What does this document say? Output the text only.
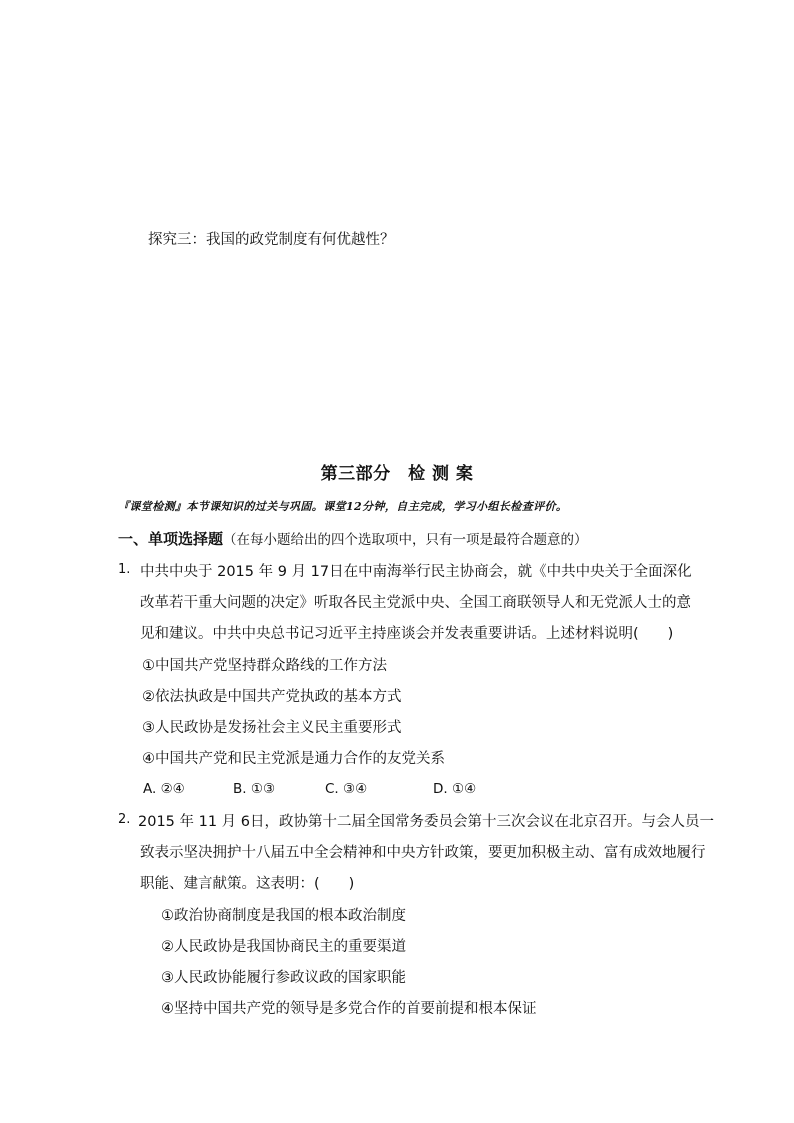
探究三：我国的政党制度有何优越性？

第三部分　检 测 案

『课堂检测』本节课知识的过关与巩固。课堂12分钟，自主完成，学习小组长检查评价。

一、单项选择题（在每小题给出的四个选取项中，只有一项是最符合题意的）

1. 中共中央于 2015 年 9 月 17日在中南海举行民主协商会，就《中共中央关于全面深化
改革若干重大问题的决定》听取各民主党派中央、全国工商联领导人和无党派人士的意
见和建议。中共中央总书记习近平主持座谈会并发表重要讲话。上述材料说明(　　)
①中国共产党坚持群众路线的工作方法
②依法执政是中国共产党执政的基本方式
③人民政协是发扬社会主义民主重要形式
④中国共产党和民主党派是通力合作的友党关系
A. ②④	B. ①③	C. ③④	D. ①④
2. 2015 年 11 月 6日，政协第十二届全国常务委员会第十三次会议在北京召开。与会人员一
致表示坚决拥护十八届五中全会精神和中央方针政策，要更加积极主动、富有成效地履行
职能、建言献策。这表明：(　　)
①政治协商制度是我国的根本政治制度
②人民政协是我国协商民主的重要渠道
③人民政协能履行参政议政的国家职能
④坚持中国共产党的领导是多党合作的首要前提和根本保证
